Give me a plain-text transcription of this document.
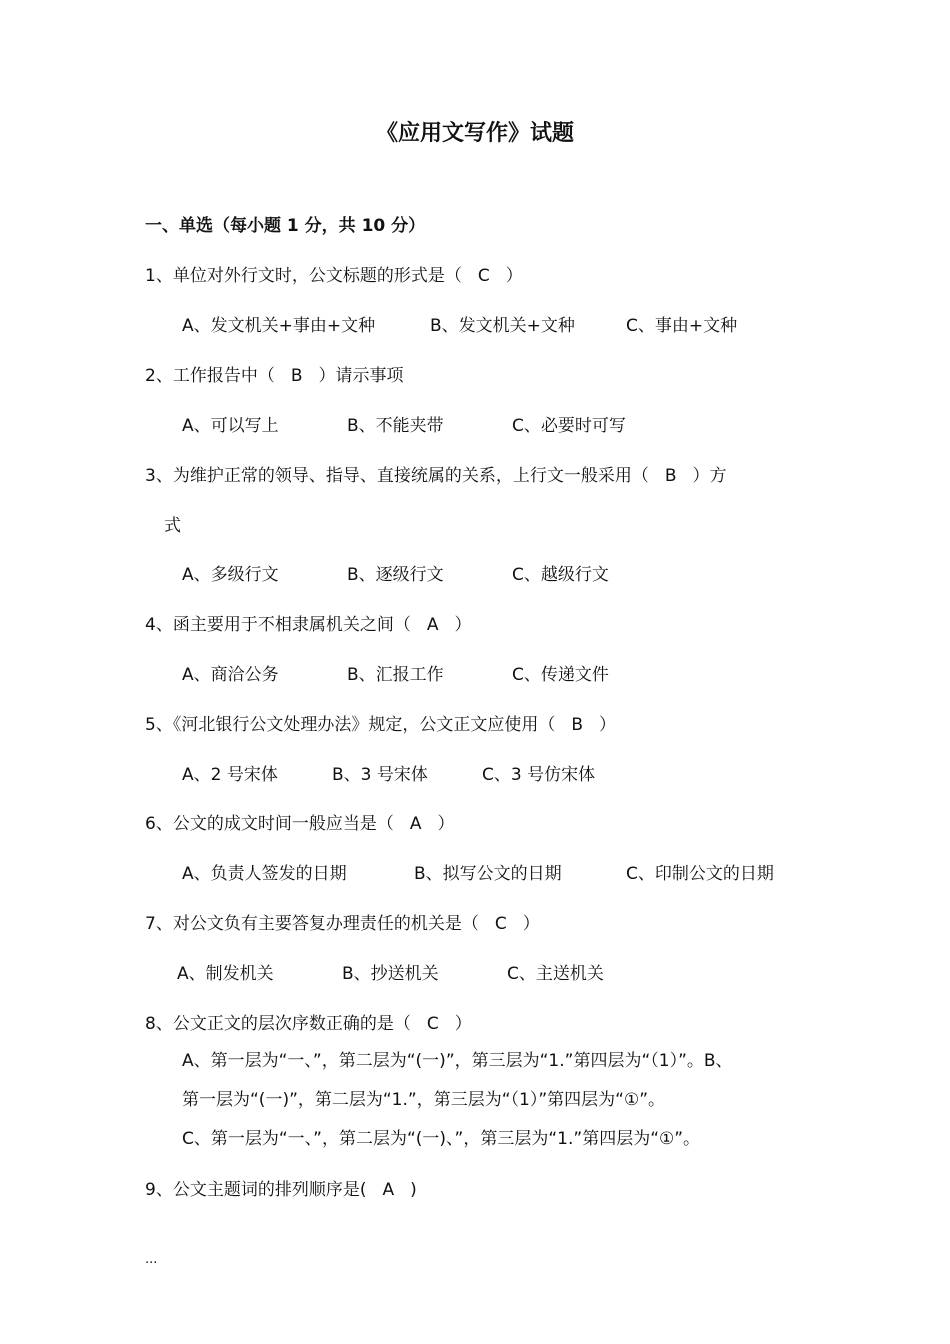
《应用文写作》试题
一、单选（每小题 1 分，共 10 分）
1、单位对外行文时，公文标题的形式是（ C ）
A、发文机关+事由+文种	B、发文机关+文种	C、事由+文种
2、工作报告中（ B ）请示事项
A、可以写上	B、不能夹带	C、必要时可写
3、为维护正常的领导、指导、直接统属的关系，上行文一般采用（ B ）方
式
A、多级行文	B、逐级行文	C、越级行文
4、函主要用于不相隶属机关之间（ A ）
A、商洽公务	B、汇报工作	C、传递文件
5、《河北银行公文处理办法》规定，公文正文应使用（ B ）
A、2 号宋体	B、3 号宋体	C、3 号仿宋体
6、公文的成文时间一般应当是（ A ）
A、负责人签发的日期	B、拟写公文的日期	C、印制公文的日期
7、对公文负有主要答复办理责任的机关是（ C ）
A、制发机关	B、抄送机关	C、主送机关
8、公文正文的层次序数正确的是（ C ）
A、第一层为“一、”，第二层为“(一)”，第三层为“1.”第四层为“（1）”。B、
第一层为“(一)”，第二层为“1.”，第三层为“（1）”第四层为“①”。
C、第一层为“一、”，第二层为“(一)、”，第三层为“1.”第四层为“①”。
9、公文主题词的排列顺序是( A )
...
